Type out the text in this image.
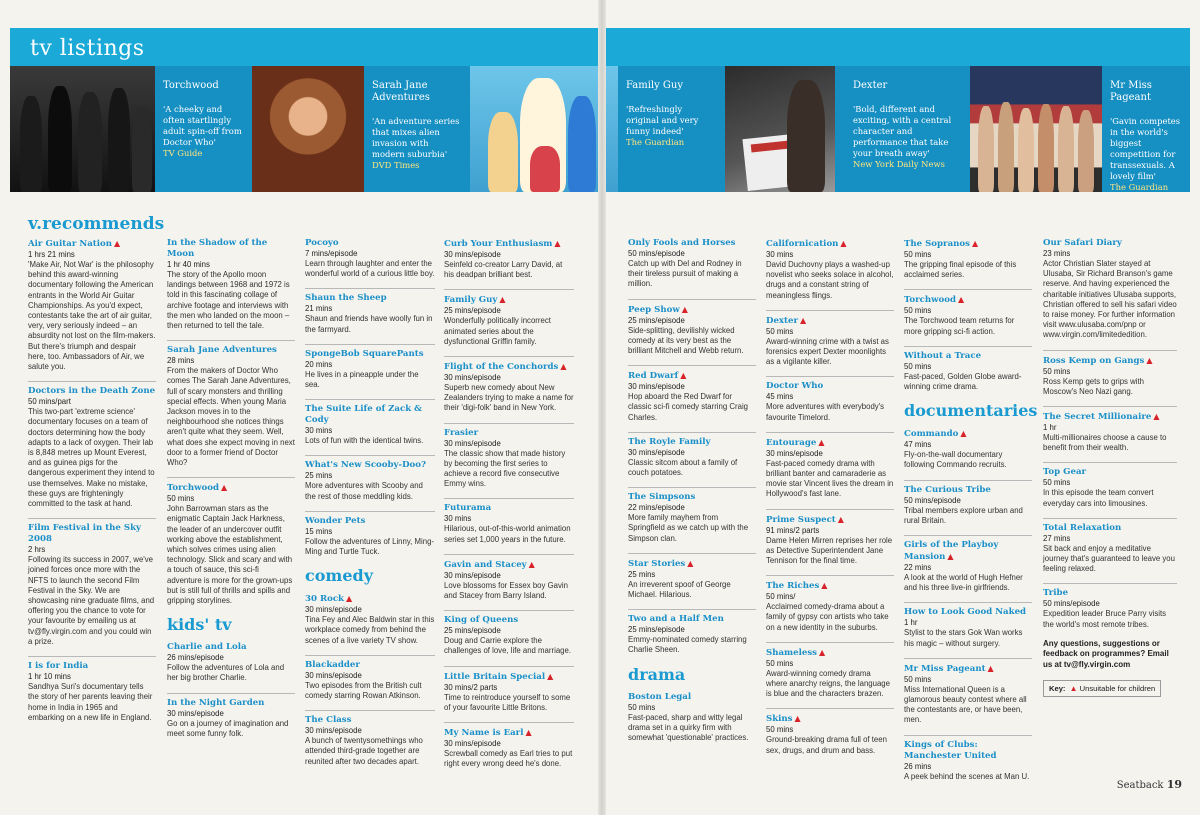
tv listings
Torchwood
'A cheeky and often startlingly adult spin-off from Doctor Who'
TV Guide
Sarah Jane Adventures
'An adventure series that mixes alien invasion with modern suburbia'
DVD Times
Family Guy
'Refreshingly original and very funny indeed'
The Guardian
Dexter
'Bold, different and exciting, with a central character and performance that take your breath away'
New York Daily News
Mr Miss Pageant
'Gavin competes in the world's biggest competition for transsexuals. A lovely film'
The Guardian
v.recommends
Air Guitar Nation ▲
1 hrs 21 mins
'Make Air, Not War' is the philosophy behind this award-winning documentary following the American entrants in the World Air Guitar Championships. As you'd expect, contestants take the art of air guitar, very, very seriously indeed – an absurdity not lost on the film-makers. But there's triumph and despair here, too. Ambassadors of Air, we salute you.
Doctors in the Death Zone
50 mins/part
This two-part 'extreme science' documentary focuses on a team of doctors determining how the body adapts to a lack of oxygen. Their lab is 8,848 metres up Mount Everest, and as guinea pigs for the dangerous experiment they intend to use themselves. Make no mistake, these guys are frighteningly committed to the task at hand.
Film Festival in the Sky 2008
2 hrs
Following its success in 2007, we've joined forces once more with the NFTS to launch the second Film Festival in the Sky. We are showcasing nine graduate films, and offering you the chance to vote for your favourite by emailing us at tv@fly.virgin.com and you could win a prize.
I is for India
1 hr 10 mins
Sandhya Suri's documentary tells the story of her parents leaving their home in India in 1965 and embarking on a new life in England.
In the Shadow of the Moon
1 hr 40 mins
The story of the Apollo moon landings between 1968 and 1972 is told in this fascinating collage of archive footage and interviews with the men who landed on the moon – then returned to tell the tale.
Sarah Jane Adventures
28 mins
From the makers of Doctor Who comes The Sarah Jane Adventures, full of scary monsters and thrilling special effects. When young Maria Jackson moves in to the neighbourhood she notices things aren't quite what they seem. Well, what does she expect moving in next door to a former friend of Doctor Who?
Torchwood ▲
50 mins
John Barrowman stars as the enigmatic Captain Jack Harkness, the leader of an undercover outfit working above the establishment, which solves crimes using alien technology. Slick and scary and with a touch of sauce, this sci-fi adventure is more for the grown-ups but is still full of thrills and spills and gripping storylines.
kids' tv
Charlie and Lola
26 mins/episode
Follow the adventures of Lola and her big brother Charlie.
In the Night Garden
30 mins/episode
Go on a journey of imagination and meet some funny folk.
Pocoyo
7 mins/episode
Learn through laughter and enter the wonderful world of a curious little boy.
Shaun the Sheep
21 mins
Shaun and friends have woolly fun in the farmyard.
SpongeBob SquarePants
20 mins
He lives in a pineapple under the sea.
The Suite Life of Zack & Cody
30 mins
Lots of fun with the identical twins.
What's New Scooby-Doo?
25 mins
More adventures with Scooby and the rest of those meddling kids.
Wonder Pets
15 mins
Follow the adventures of Linny, Ming-Ming and Turtle Tuck.
comedy
30 Rock ▲
30 mins/episode
Tina Fey and Alec Baldwin star in this workplace comedy from behind the scenes of a live variety TV show.
Blackadder
30 mins/episode
Two episodes from the British cult comedy starring Rowan Atkinson.
The Class
30 mins/episode
A bunch of twentysomethings who attended third-grade together are reunited after two decades apart.
Curb Your Enthusiasm ▲
30 mins/episode
Seinfeld co-creator Larry David, at his deadpan brilliant best.
Family Guy ▲
25 mins/episode
Wonderfully politically incorrect animated series about the dysfunctional Griffin family.
Flight of the Conchords ▲
30 mins/episode
Superb new comedy about New Zealanders trying to make a name for their 'digi-folk' band in New York.
Frasier
30 mins/episode
The classic show that made history by becoming the first series to achieve a record five consecutive Emmy wins.
Futurama
30 mins
Hilarious, out-of-this-world animation series set 1,000 years in the future.
Gavin and Stacey ▲
30 mins/episode
Love blossoms for Essex boy Gavin and Stacey from Barry Island.
King of Queens
25 mins/episode
Doug and Carrie explore the challenges of love, life and marriage.
Little Britain Special ▲
30 mins/2 parts
Time to reintroduce yourself to some of your favourite Little Britons.
My Name is Earl ▲
30 mins/episode
Screwball comedy as Earl tries to put right every wrong deed he's done.
Only Fools and Horses
50 mins/episode
Catch up with Del and Rodney in their tireless pursuit of making a million.
Peep Show ▲
25 mins/episode
Side-splitting, devilishly wicked comedy at its very best as the brilliant Mitchell and Webb return.
Red Dwarf ▲
30 mins/episode
Hop aboard the Red Dwarf for classic sci-fi comedy starring Craig Charles.
The Royle Family
30 mins/episode
Classic sitcom about a family of couch potatoes.
The Simpsons
22 mins/episode
More family mayhem from Springfield as we catch up with the Simpson clan.
Star Stories ▲
25 mins
An irreverent spoof of George Michael. Hilarious.
Two and a Half Men
25 mins/episode
Emmy-nominated comedy starring Charlie Sheen.
drama
Boston Legal
50 mins
Fast-paced, sharp and witty legal drama set in a quirky firm with somewhat 'questionable' practices.
Californication ▲
30 mins
David Duchovny plays a washed-up novelist who seeks solace in alcohol, drugs and a constant string of meaningless flings.
Dexter ▲
50 mins
Award-winning crime with a twist as forensics expert Dexter moonlights as a vigilante killer.
Doctor Who
45 mins
More adventures with everybody's favourite Timelord.
Entourage ▲
30 mins/episode
Fast-paced comedy drama with brilliant banter and camaraderie as movie star Vincent lives the dream in Hollywood's fast lane.
Prime Suspect ▲
91 mins/2 parts
Dame Helen Mirren reprises her role as Detective Superintendent Jane Tennison for the final time.
The Riches ▲
50 mins/
Acclaimed comedy-drama about a family of gypsy con artists who take on a new identity in the suburbs.
Shameless ▲
50 mins
Award-winning comedy drama where anarchy reigns, the language is blue and the characters brazen.
Skins ▲
50 mins
Ground-breaking drama full of teen sex, drugs, and drum and bass.
The Sopranos ▲
50 mins
The gripping final episode of this acclaimed series.
Torchwood ▲
50 mins
The Torchwood team returns for more gripping sci-fi action.
Without a Trace
50 mins
Fast-paced, Golden Globe award-winning crime drama.
documentaries
Commando ▲
47 mins
Fly-on-the-wall documentary following Commando recruits.
The Curious Tribe
50 mins/episode
Tribal members explore urban and rural Britain.
Girls of the Playboy Mansion ▲
22 mins
A look at the world of Hugh Hefner and his three live-in girlfriends.
How to Look Good Naked
1 hr
Stylist to the stars Gok Wan works his magic – without surgery.
Mr Miss Pageant ▲
50 mins
Miss International Queen is a glamorous beauty contest where all the contestants are, or have been, men.
Kings of Clubs: Manchester United
26 mins
A peek behind the scenes at Man U.
Our Safari Diary
23 mins
Actor Christian Slater stayed at Ulusaba, Sir Richard Branson's game reserve. And having experienced the charitable initiatives Ulusaba supports, Christian offered to sell his safari video to raise money. For further information visit www.ulusaba.com/pnp or www.virgin.com/limitededition.
Ross Kemp on Gangs ▲
50 mins
Ross Kemp gets to grips with Moscow's Neo Nazi gang.
The Secret Millionaire ▲
1 hr
Multi-millionaires choose a cause to benefit from their wealth.
Top Gear
50 mins
In this episode the team convert everyday cars into limousines.
Total Relaxation
27 mins
Sit back and enjoy a meditative journey that's guaranteed to leave you feeling relaxed.
Tribe
50 mins/episode
Expedition leader Bruce Parry visits the world's most remote tribes.
Any questions, suggestions or feedback on programmes? Email us at tv@fly.virgin.com
Key: ▲ Unsuitable for children
Seatback 19
